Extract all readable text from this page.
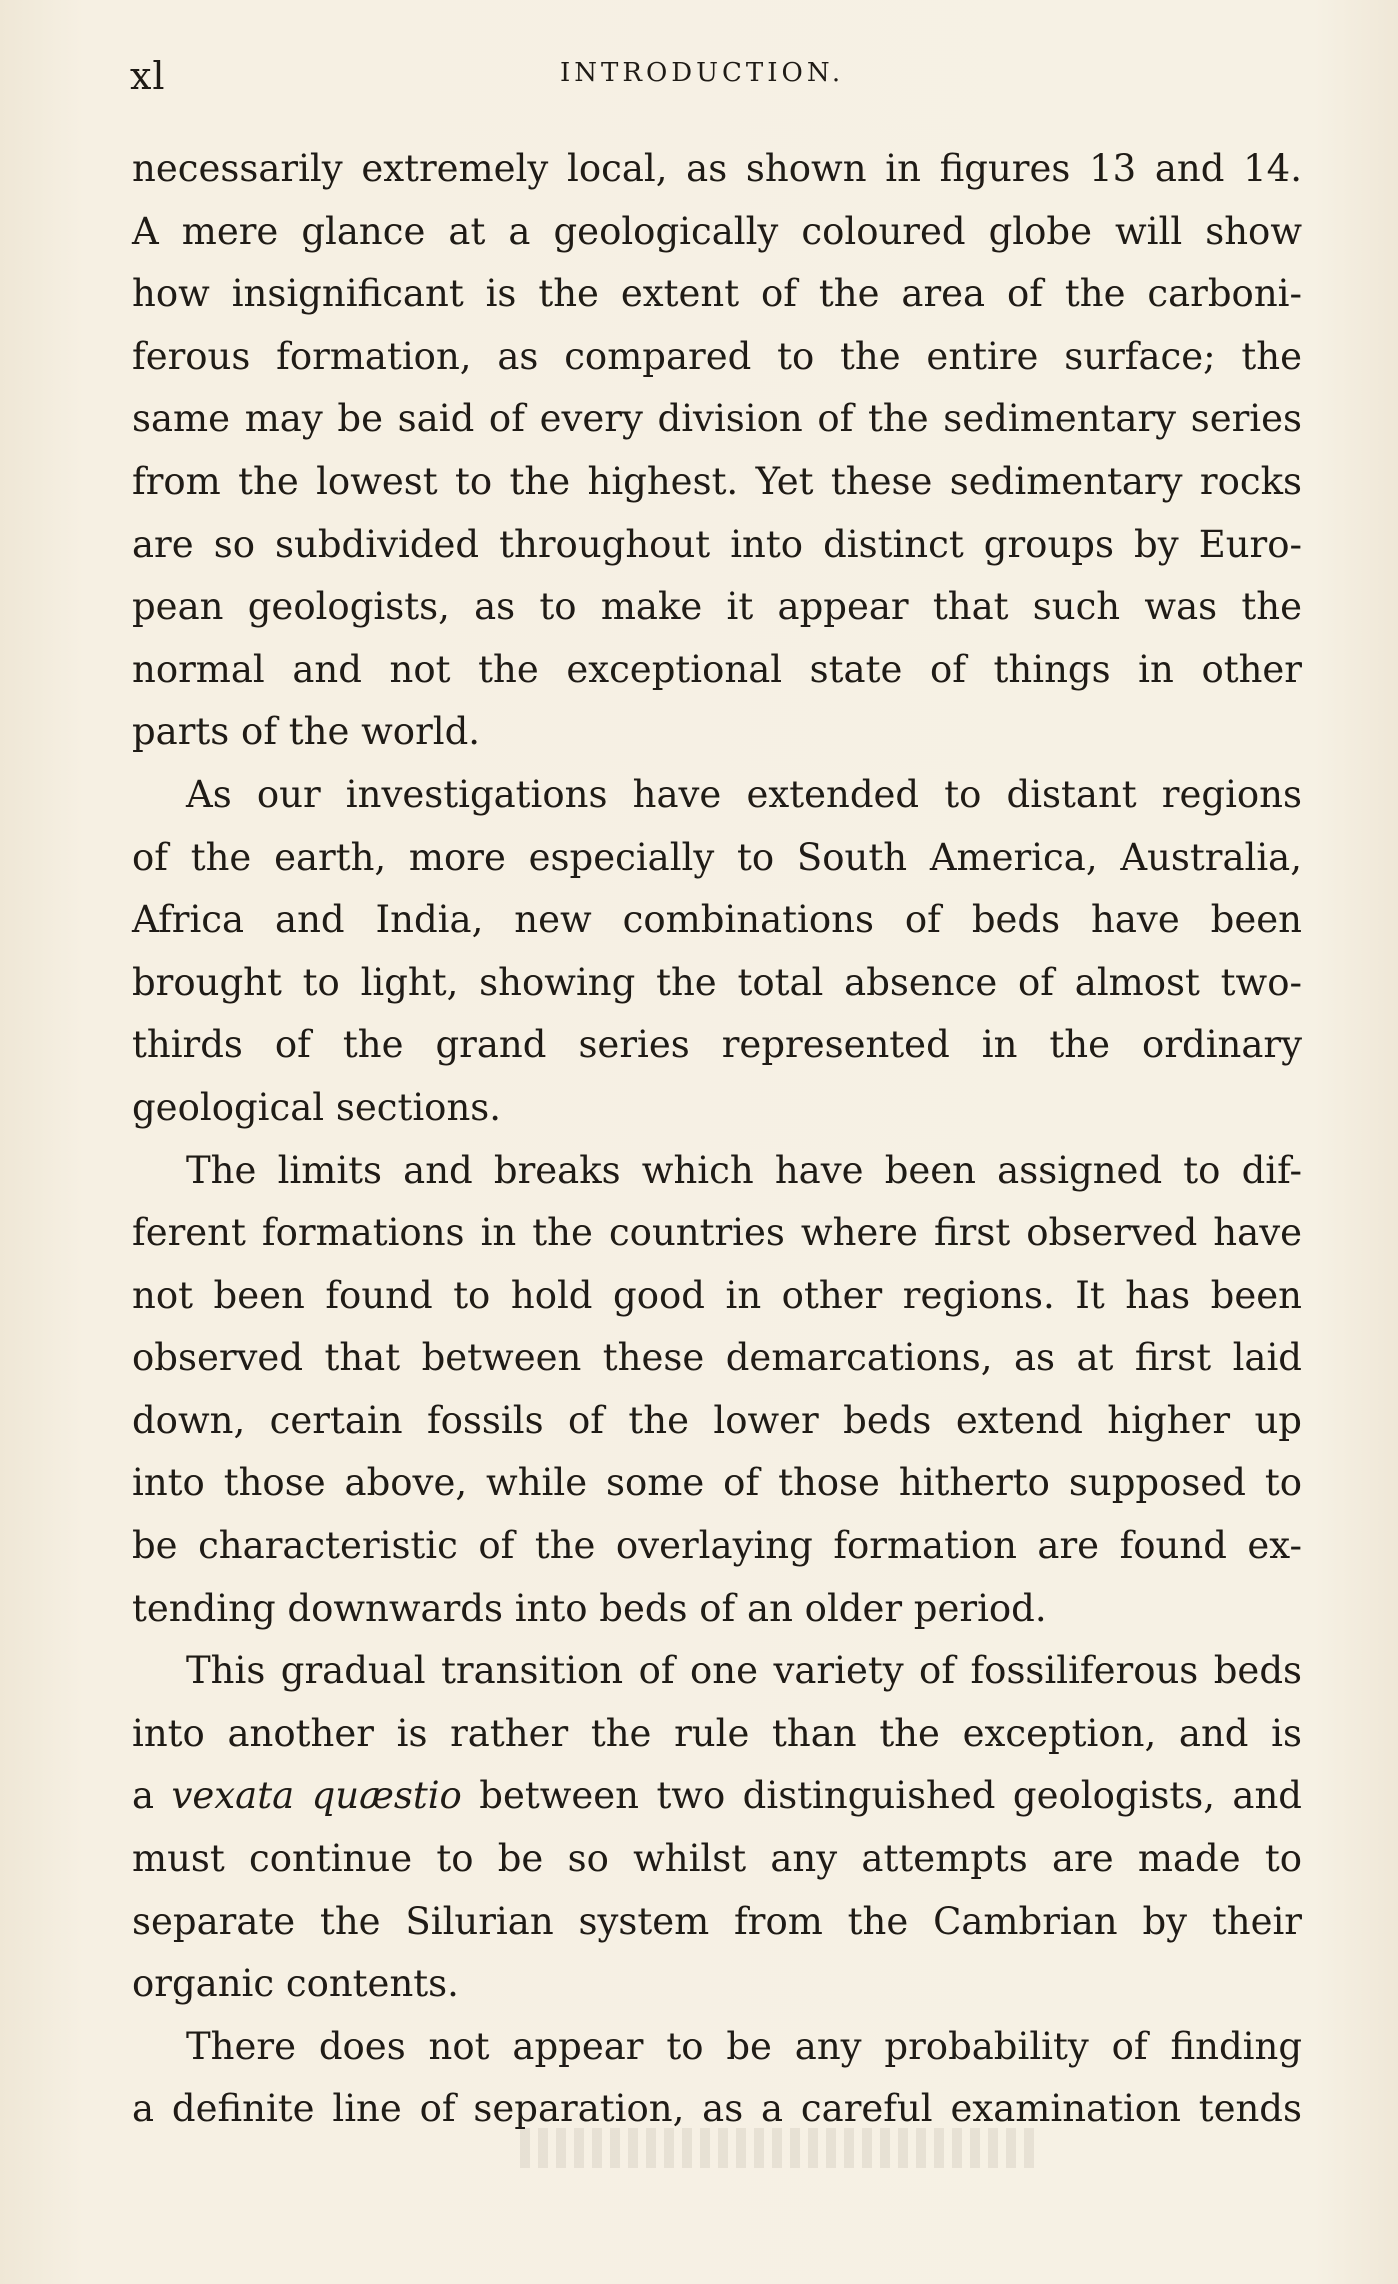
xl	INTRODUCTION.
necessarily extremely local, as shown in figures 13 and 14.
A mere glance at a geologically coloured globe will show
how insignificant is the extent of the area of the carboni-
ferous formation, as compared to the entire surface; the
same may be said of every division of the sedimentary series
from the lowest to the highest. Yet these sedimentary rocks
are so subdivided throughout into distinct groups by Euro-
pean geologists, as to make it appear that such was the
normal and not the exceptional state of things in other
parts of the world.
As our investigations have extended to distant regions
of the earth, more especially to South America, Australia,
Africa and India, new combinations of beds have been
brought to light, showing the total absence of almost two-
thirds of the grand series represented in the ordinary
geological sections.
The limits and breaks which have been assigned to dif-
ferent formations in the countries where first observed have
not been found to hold good in other regions. It has been
observed that between these demarcations, as at first laid
down, certain fossils of the lower beds extend higher up
into those above, while some of those hitherto supposed to
be characteristic of the overlaying formation are found ex-
tending downwards into beds of an older period.
This gradual transition of one variety of fossiliferous beds
into another is rather the rule than the exception, and is
a vexata quæstio between two distinguished geologists, and
must continue to be so whilst any attempts are made to
separate the Silurian system from the Cambrian by their
organic contents.
There does not appear to be any probability of finding
a definite line of separation, as a careful examination tends
